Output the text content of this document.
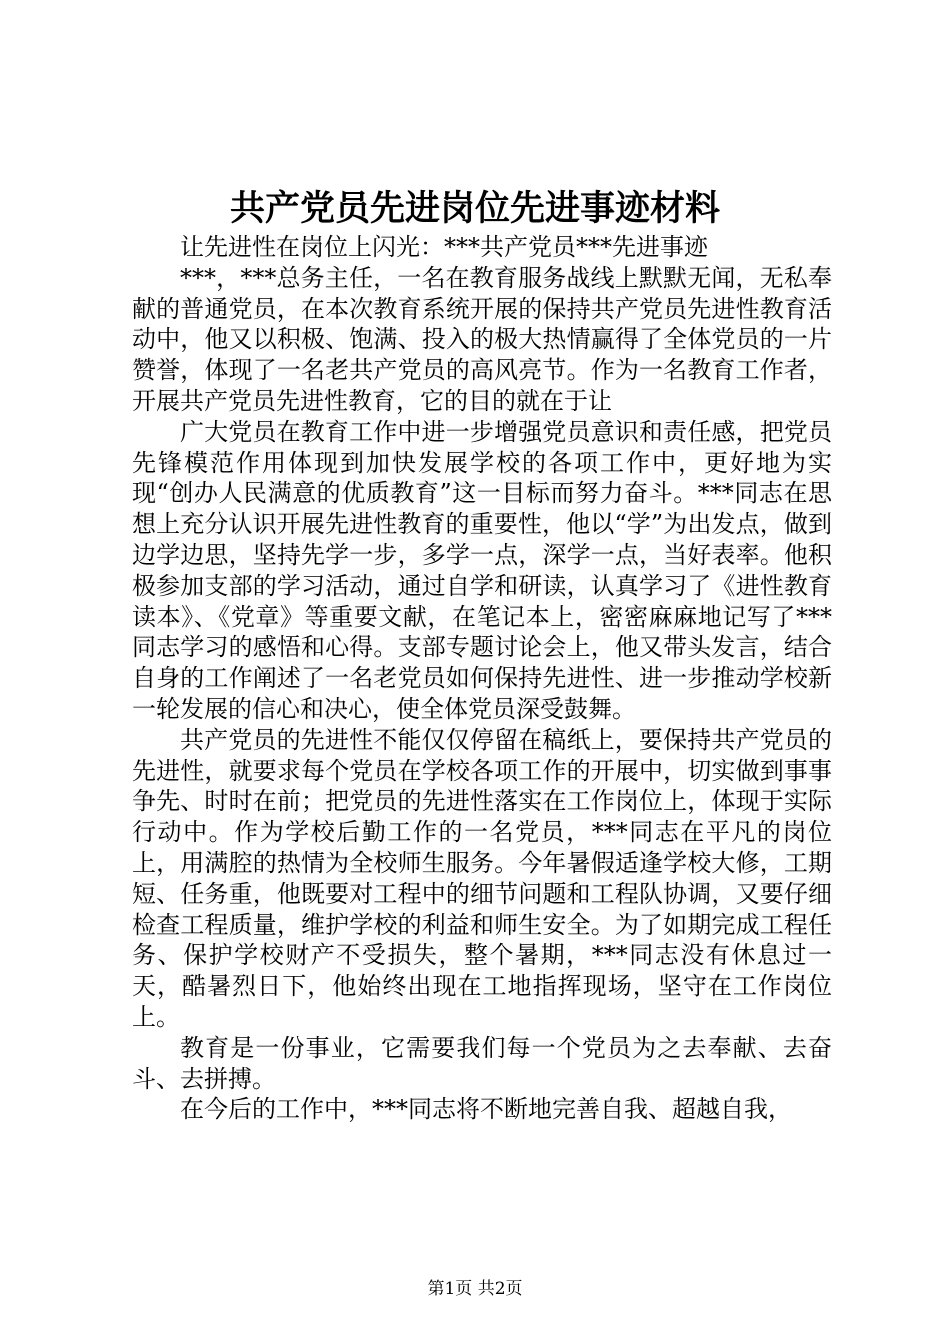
共产党员先进岗位先进事迹材料

让先进性在岗位上闪光：***共产党员***先进事迹

***，***总务主任，一名在教育服务战线上默默无闻，无私奉献的普通党员，在本次教育系统开展的保持共产党员先进性教育活动中，他又以积极、饱满、投入的极大热情赢得了全体党员的一片赞誉，体现了一名老共产党员的高风亮节。作为一名教育工作者，开展共产党员先进性教育，它的目的就在于让

广大党员在教育工作中进一步增强党员意识和责任感，把党员先锋模范作用体现到加快发展学校的各项工作中，更好地为实现“创办人民满意的优质教育”这一目标而努力奋斗。***同志在思想上充分认识开展先进性教育的重要性，他以“学”为出发点，做到边学边思，坚持先学一步，多学一点，深学一点，当好表率。他积极参加支部的学习活动，通过自学和研读，认真学习了《进性教育读本》、《党章》等重要文献，在笔记本上，密密麻麻地记写了***同志学习的感悟和心得。支部专题讨论会上，他又带头发言，结合自身的工作阐述了一名老党员如何保持先进性、进一步推动学校新一轮发展的信心和决心，使全体党员深受鼓舞。

共产党员的先进性不能仅仅停留在稿纸上，要保持共产党员的先进性，就要求每个党员在学校各项工作的开展中，切实做到事事争先、时时在前；把党员的先进性落实在工作岗位上，体现于实际行动中。作为学校后勤工作的一名党员，***同志在平凡的岗位上，用满腔的热情为全校师生服务。今年暑假适逢学校大修，工期短、任务重，他既要对工程中的细节问题和工程队协调，又要仔细检查工程质量，维护学校的利益和师生安全。为了如期完成工程任务、保护学校财产不受损失，整个暑期，***同志没有休息过一天，酷暑烈日下，他始终出现在工地指挥现场，坚守在工作岗位上。

教育是一份事业，它需要我们每一个党员为之去奉献、去奋斗、去拼搏。

在今后的工作中，***同志将不断地完善自我、超越自我，

第1页 共2页
